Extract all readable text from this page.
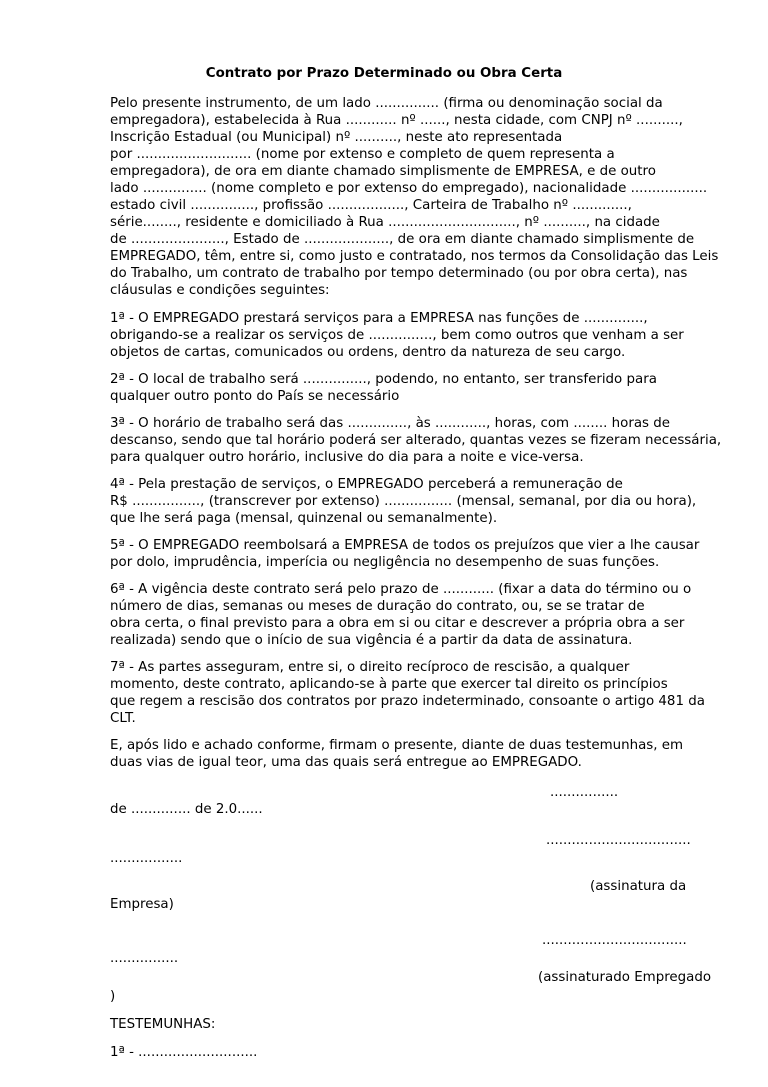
Contrato por Prazo Determinado ou Obra Certa

Pelo presente instrumento, de um lado ............... (firma ou denominação social da
empregadora), estabelecida à Rua ............ nº ......, nesta cidade, com CNPJ nº ..........,
Inscrição Estadual (ou Municipal) nº .........., neste ato representada
por ........................... (nome por extenso e completo de quem representa a
empregadora), de ora em diante chamado simplismente de EMPRESA, e de outro
lado ............... (nome completo e por extenso do empregado), nacionalidade ..................
estado civil ..............., profissão .................., Carteira de Trabalho nº .............,
série........, residente e domiciliado à Rua .............................., nº .........., na cidade
de ......................, Estado de ...................., de ora em diante chamado simplismente de
EMPREGADO, têm, entre si, como justo e contratado, nos termos da Consolidação das Leis
do Trabalho, um contrato de trabalho por tempo determinado (ou por obra certa), nas
cláusulas e condições seguintes:
1ª - O EMPREGADO prestará serviços para a EMPRESA nas funções de ..............,
obrigando-se a realizar os serviços de ..............., bem como outros que venham a ser
objetos de cartas, comunicados ou ordens, dentro da natureza de seu cargo.
2ª - O local de trabalho será ..............., podendo, no entanto, ser transferido para
qualquer outro ponto do País se necessário
3ª - O horário de trabalho será das .............., às ............, horas, com ........ horas de
descanso, sendo que tal horário poderá ser alterado, quantas vezes se fizeram necessária,
para qualquer outro horário, inclusive do dia para a noite e vice-versa.
4ª - Pela prestação de serviços, o EMPREGADO perceberá a remuneração de
R$ ................, (transcrever por extenso) ................ (mensal, semanal, por dia ou hora),
que lhe será paga (mensal, quinzenal ou semanalmente).
5ª - O EMPREGADO reembolsará a EMPRESA de todos os prejuízos que vier a lhe causar
por dolo, imprudência, imperícia ou negligência no desempenho de suas funções.
6ª - A vigência deste contrato será pelo prazo de ............ (fixar a data do término ou o
número de dias, semanas ou meses de duração do contrato, ou, se se tratar de
obra certa, o final previsto para a obra em si ou citar e descrever a própria obra a ser
realizada) sendo que o início de sua vigência é a partir da data de assinatura.
7ª - As partes asseguram, entre si, o direito recíproco de rescisão, a qualquer
momento, deste contrato, aplicando-se à parte que exercer tal direito os princípios
que regem a rescisão dos contratos por prazo indeterminado, consoante o artigo 481 da
CLT.
E, após lido e achado conforme, firmam o presente, diante de duas testemunhas, em
duas vias de igual teor, uma das quais será entregue ao EMPREGADO.
................
de .............. de 2.0......
..................................
.................
(assinatura da
Empresa)
..................................
................
(assinaturado Empregado
)
TESTEMUNHAS:
1ª - ............................
